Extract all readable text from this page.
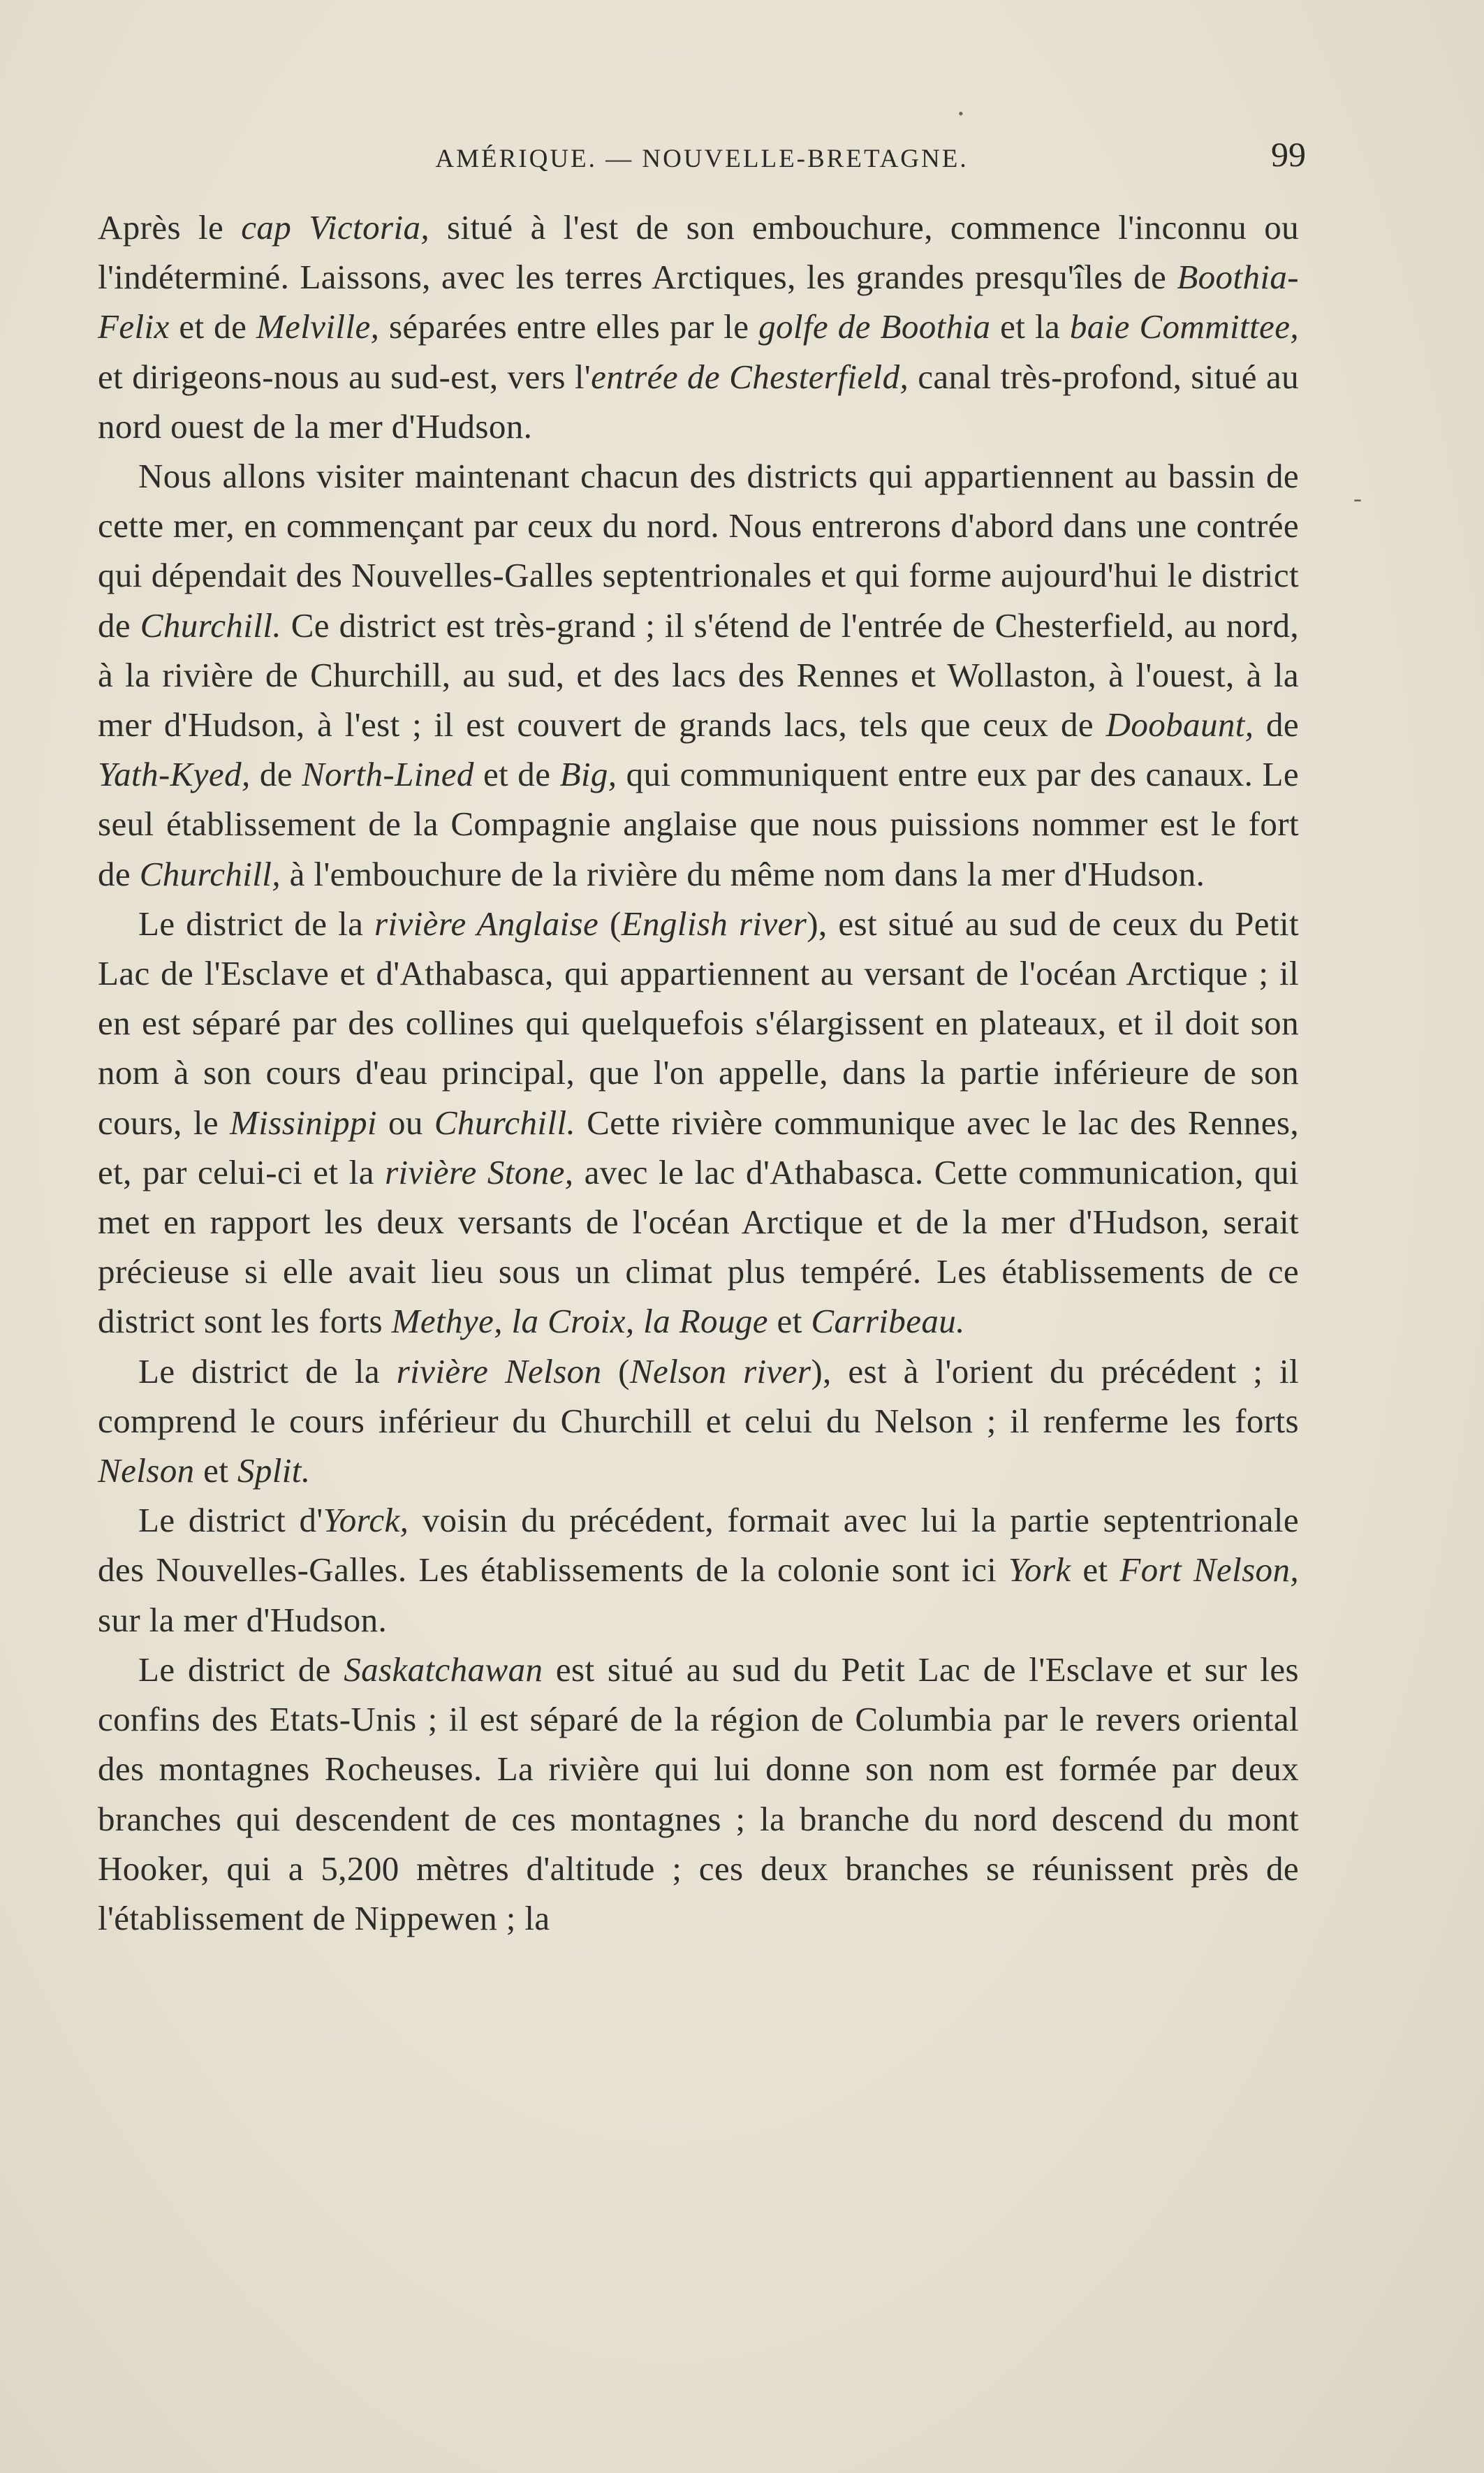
AMÉRIQUE. — NOUVELLE-BRETAGNE.	99

Après le cap Victoria, situé à l'est de son embouchure, commence l'inconnu ou l'indéterminé. Laissons, avec les terres Arctiques, les grandes presqu'îles de Boothia-Felix et de Melville, séparées entre elles par le golfe de Boothia et la baie Committee, et dirigeons-nous au sud-est, vers l'entrée de Chesterfield, canal très-profond, situé au nord ouest de la mer d'Hudson.

Nous allons visiter maintenant chacun des districts qui appartiennent au bassin de cette mer, en commençant par ceux du nord. Nous entrerons d'abord dans une contrée qui dépendait des Nouvelles-Galles septentrionales et qui forme aujourd'hui le district de Churchill. Ce district est très-grand ; il s'étend de l'entrée de Chesterfield, au nord, à la rivière de Churchill, au sud, et des lacs des Rennes et Wollaston, à l'ouest, à la mer d'Hudson, à l'est ; il est couvert de grands lacs, tels que ceux de Doobaunt, de Yath-Kyed, de North-Lined et de Big, qui communiquent entre eux par des canaux. Le seul établissement de la Compagnie anglaise que nous puissions nommer est le fort de Churchill, à l'embouchure de la rivière du même nom dans la mer d'Hudson.

Le district de la rivière Anglaise (English river), est situé au sud de ceux du Petit Lac de l'Esclave et d'Athabasca, qui appartiennent au versant de l'océan Arctique ; il en est séparé par des collines qui quelquefois s'élargissent en plateaux, et il doit son nom à son cours d'eau principal, que l'on appelle, dans la partie inférieure de son cours, le Missinippi ou Churchill. Cette rivière communique avec le lac des Rennes, et, par celui-ci et la rivière Stone, avec le lac d'Athabasca. Cette communication, qui met en rapport les deux versants de l'océan Arctique et de la mer d'Hudson, serait précieuse si elle avait lieu sous un climat plus tempéré. Les établissements de ce district sont les forts Methye, la Croix, la Rouge et Carribeau.

Le district de la rivière Nelson (Nelson river), est à l'orient du précédent ; il comprend le cours inférieur du Churchill et celui du Nelson ; il renferme les forts Nelson et Split.

Le district d'Yorck, voisin du précédent, formait avec lui la partie septentrionale des Nouvelles-Galles. Les établissements de la colonie sont ici York et Fort Nelson, sur la mer d'Hudson.

Le district de Saskatchawan est situé au sud du Petit Lac de l'Esclave et sur les confins des Etats-Unis ; il est séparé de la région de Columbia par le revers oriental des montagnes Rocheuses. La rivière qui lui donne son nom est formée par deux branches qui descendent de ces montagnes ; la branche du nord descend du mont Hooker, qui a 5,200 mètres d'altitude ; ces deux branches se réunissent près de l'établissement de Nippewen ; la

-
•
